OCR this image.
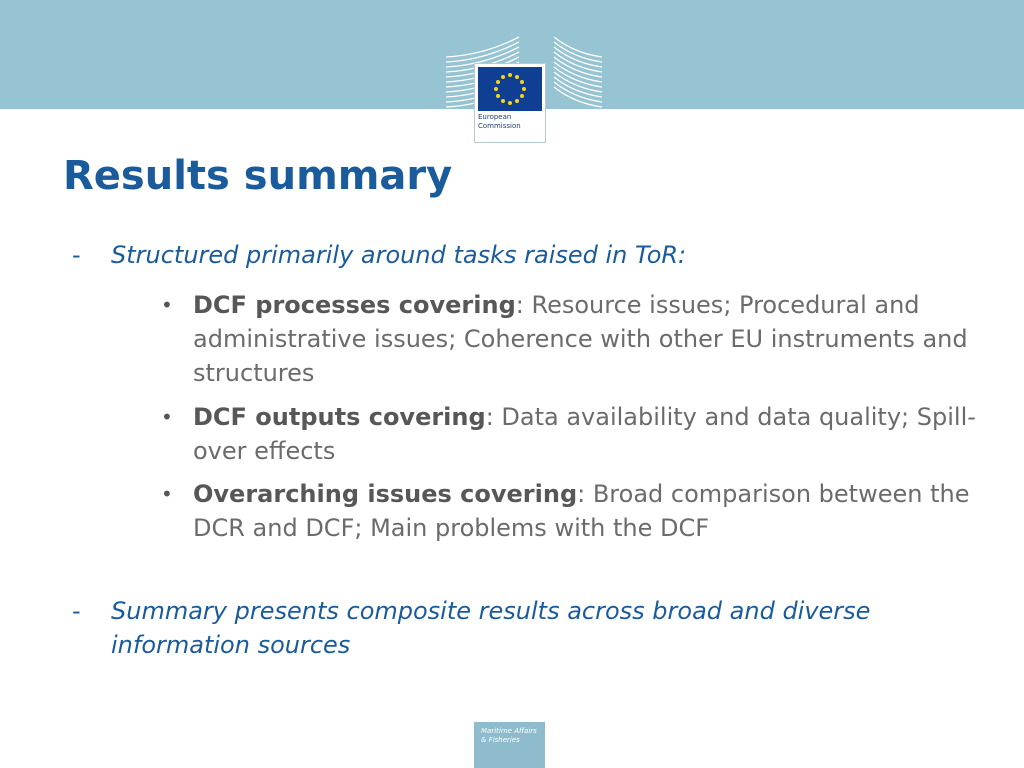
European
Commission
Results summary
- Structured primarily around tasks raised in ToR:
• DCF processes covering: Resource issues; Procedural and administrative issues; Coherence with other EU instruments and structures
• DCF outputs covering: Data availability and data quality; Spill-over effects
• Overarching issues covering: Broad comparison between the DCR and DCF; Main problems with the DCF
- Summary presents composite results across broad and diverse information sources
Maritime Affairs
& Fisheries
